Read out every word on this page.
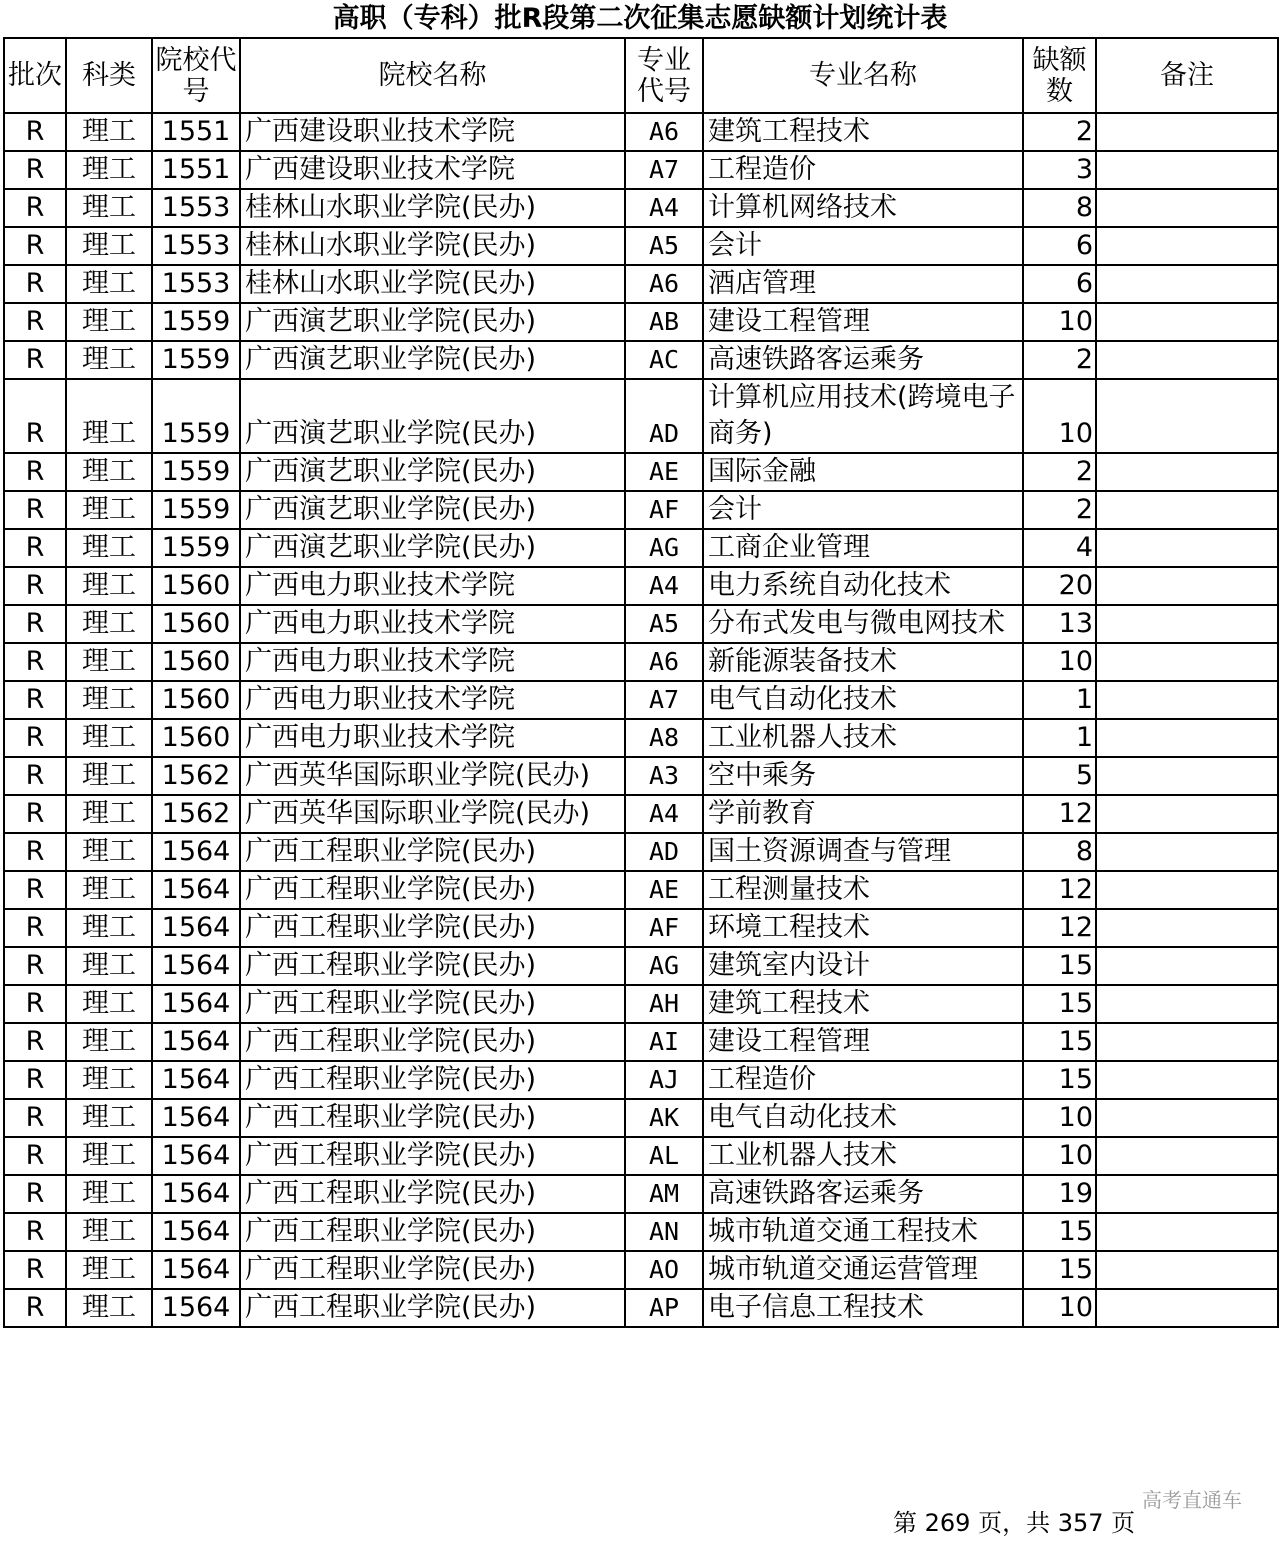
高职（专科）批R段第二次征集志愿缺额计划统计表
批次	科类	院校代号	院校名称	专业代号	专业名称	缺额数	备注
R	理工	1551	广西建设职业技术学院	A6	建筑工程技术	2	
R	理工	1551	广西建设职业技术学院	A7	工程造价	3	
R	理工	1553	桂林山水职业学院(民办)	A4	计算机网络技术	8	
R	理工	1553	桂林山水职业学院(民办)	A5	会计	6	
R	理工	1553	桂林山水职业学院(民办)	A6	酒店管理	6	
R	理工	1559	广西演艺职业学院(民办)	AB	建设工程管理	10	
R	理工	1559	广西演艺职业学院(民办)	AC	高速铁路客运乘务	2	
R	理工	1559	广西演艺职业学院(民办)	AD	计算机应用技术(跨境电子商务)	10	
R	理工	1559	广西演艺职业学院(民办)	AE	国际金融	2	
R	理工	1559	广西演艺职业学院(民办)	AF	会计	2	
R	理工	1559	广西演艺职业学院(民办)	AG	工商企业管理	4	
R	理工	1560	广西电力职业技术学院	A4	电力系统自动化技术	20	
R	理工	1560	广西电力职业技术学院	A5	分布式发电与微电网技术	13	
R	理工	1560	广西电力职业技术学院	A6	新能源装备技术	10	
R	理工	1560	广西电力职业技术学院	A7	电气自动化技术	1	
R	理工	1560	广西电力职业技术学院	A8	工业机器人技术	1	
R	理工	1562	广西英华国际职业学院(民办)	A3	空中乘务	5	
R	理工	1562	广西英华国际职业学院(民办)	A4	学前教育	12	
R	理工	1564	广西工程职业学院(民办)	AD	国土资源调查与管理	8	
R	理工	1564	广西工程职业学院(民办)	AE	工程测量技术	12	
R	理工	1564	广西工程职业学院(民办)	AF	环境工程技术	12	
R	理工	1564	广西工程职业学院(民办)	AG	建筑室内设计	15	
R	理工	1564	广西工程职业学院(民办)	AH	建筑工程技术	15	
R	理工	1564	广西工程职业学院(民办)	AI	建设工程管理	15	
R	理工	1564	广西工程职业学院(民办)	AJ	工程造价	15	
R	理工	1564	广西工程职业学院(民办)	AK	电气自动化技术	10	
R	理工	1564	广西工程职业学院(民办)	AL	工业机器人技术	10	
R	理工	1564	广西工程职业学院(民办)	AM	高速铁路客运乘务	19	
R	理工	1564	广西工程职业学院(民办)	AN	城市轨道交通工程技术	15	
R	理工	1564	广西工程职业学院(民办)	AO	城市轨道交通运营管理	15	
R	理工	1564	广西工程职业学院(民办)	AP	电子信息工程技术	10	
高考直通车
第 269 页，共 357 页
